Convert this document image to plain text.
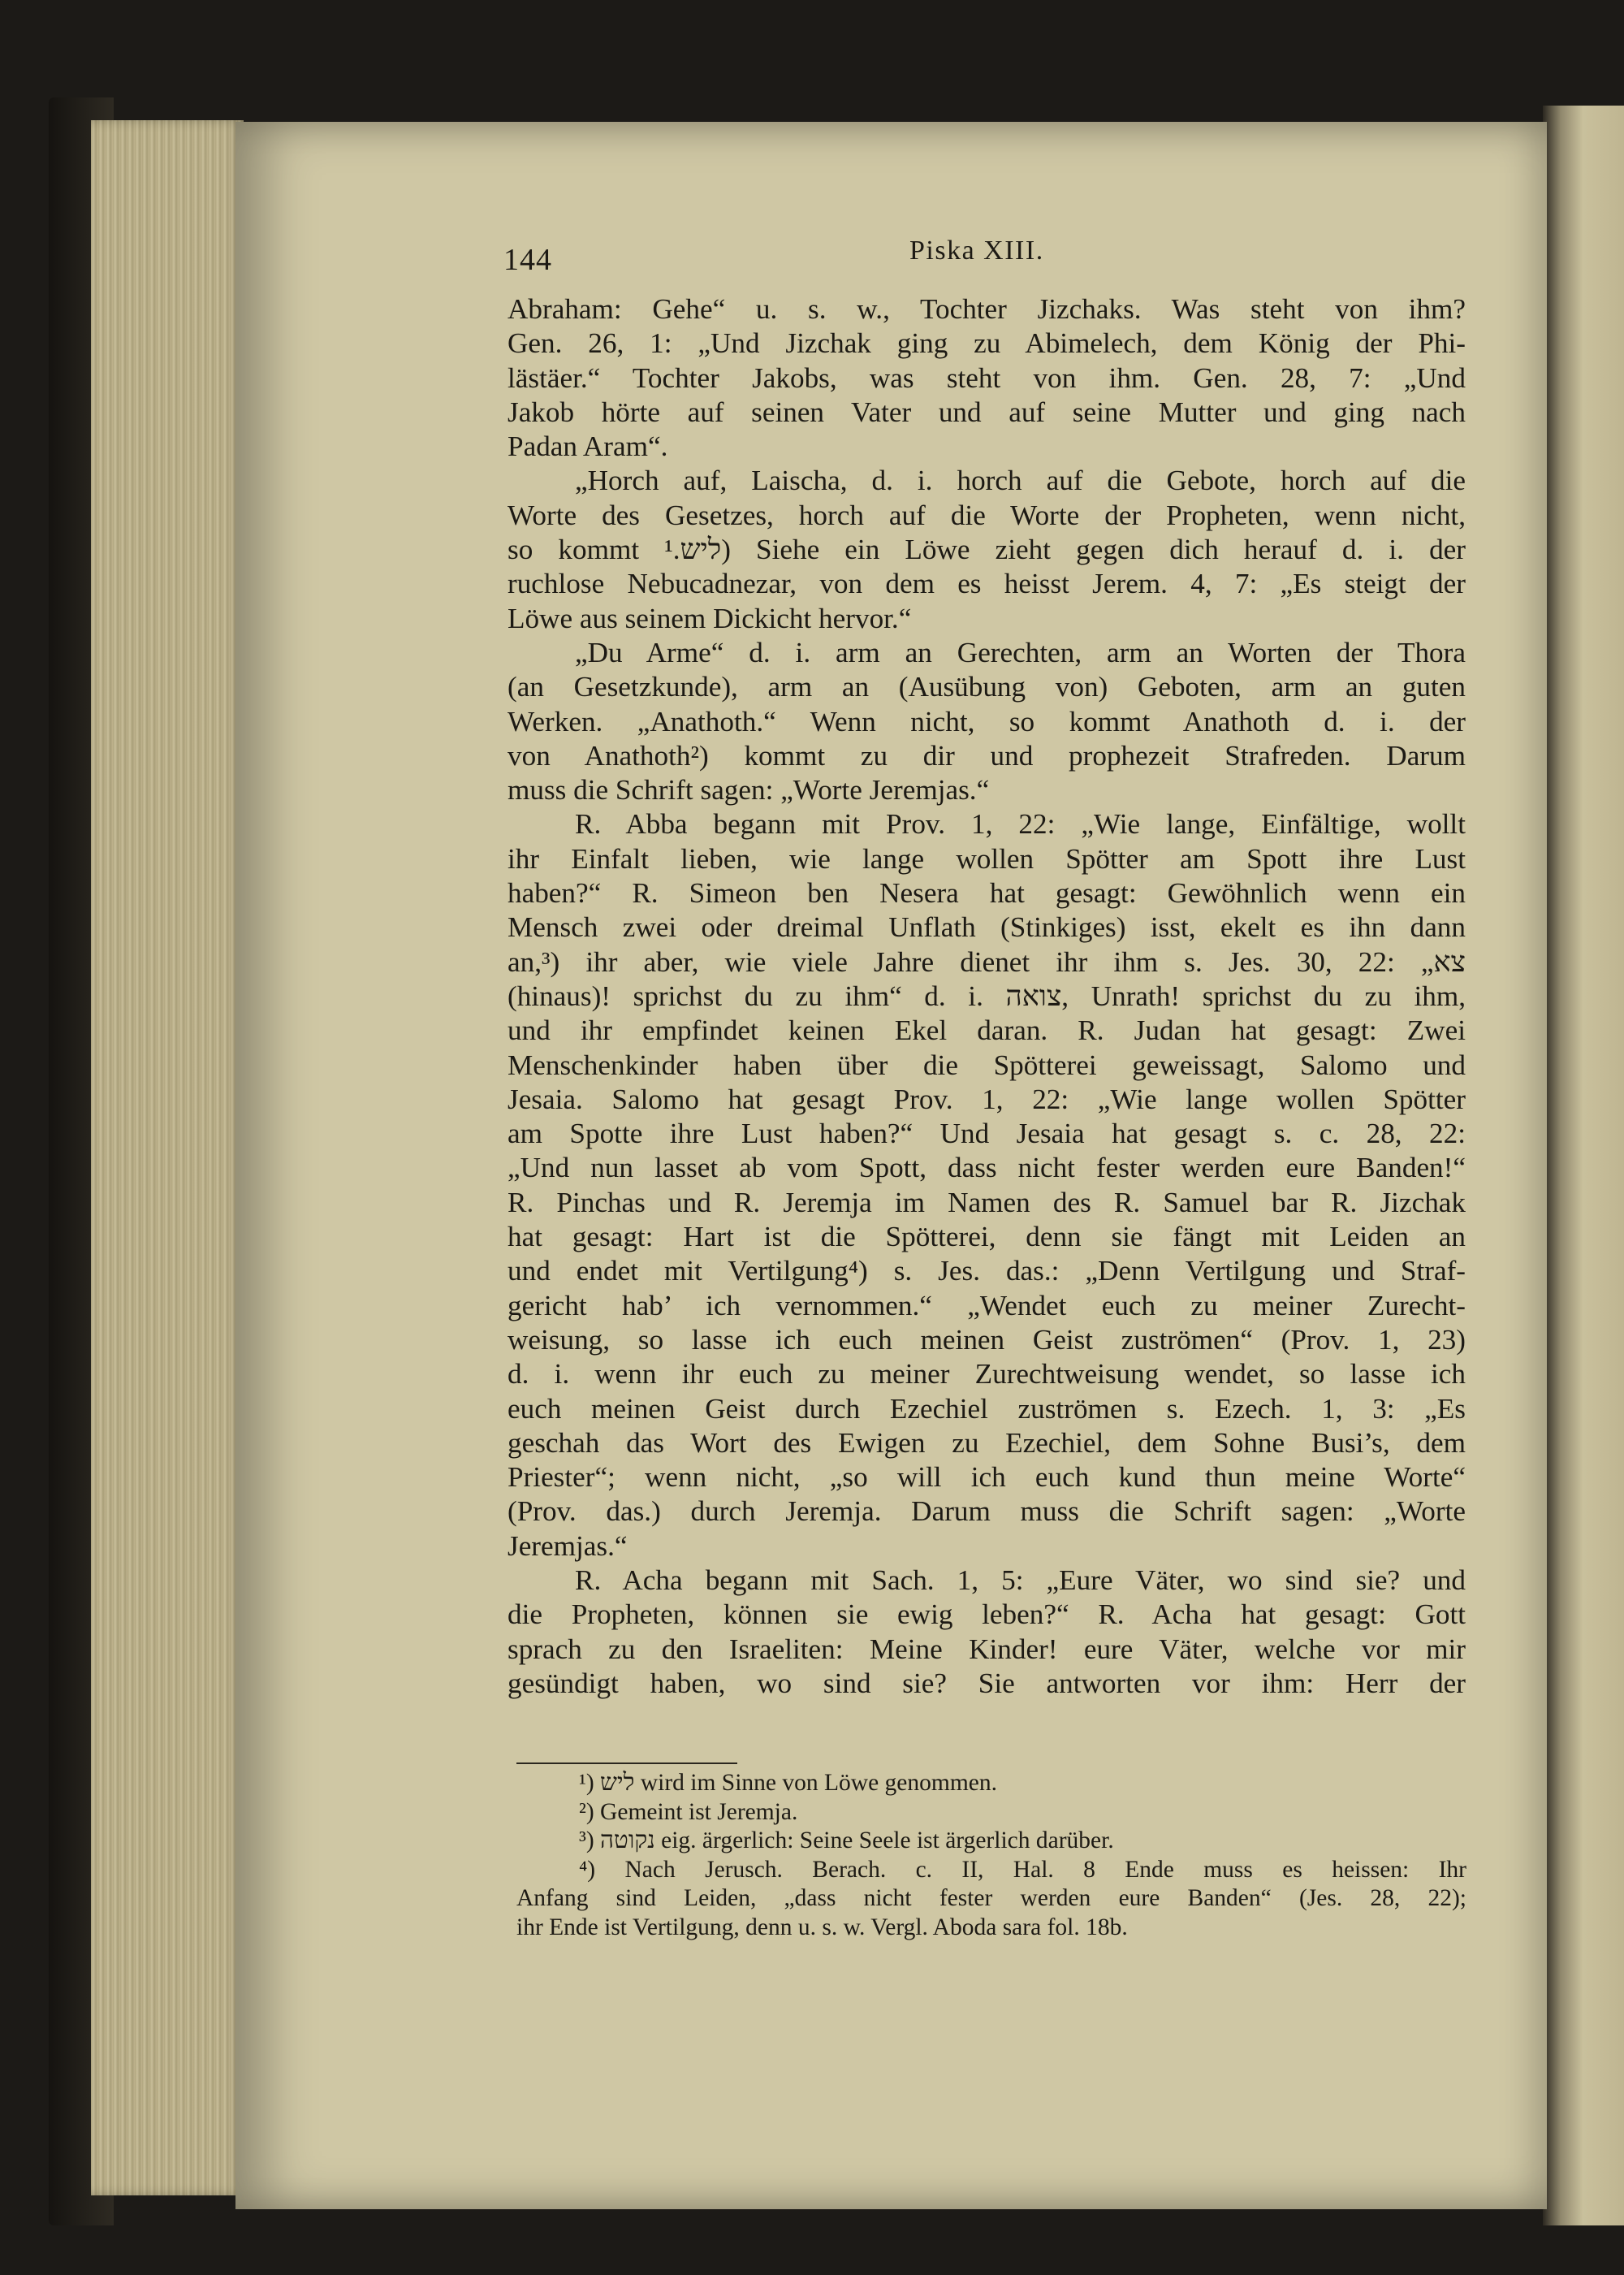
144	Piska XIII.
Abraham: Gehe“ u. s. w., Tochter Jizchaks. Was steht von ihm?
Gen. 26, 1: „Und Jizchak ging zu Abimelech, dem König der Phi-
lästäer.“ Tochter Jakobs, was steht von ihm. Gen. 28, 7: „Und
Jakob hörte auf seinen Vater und auf seine Mutter und ging nach
Padan Aram“.
„Horch auf, Laischa, d. i. horch auf die Gebote, horch auf die
Worte des Gesetzes, horch auf die Worte der Propheten, wenn nicht,
so kommt ליש.¹) Siehe ein Löwe zieht gegen dich herauf d. i. der
ruchlose Nebucadnezar, von dem es heisst Jerem. 4, 7: „Es steigt der
Löwe aus seinem Dickicht hervor.“
„Du Arme“ d. i. arm an Gerechten, arm an Worten der Thora
(an Gesetzkunde), arm an (Ausübung von) Geboten, arm an guten
Werken. „Anathoth.“ Wenn nicht, so kommt Anathoth d. i. der
von Anathoth²) kommt zu dir und prophezeit Strafreden. Darum
muss die Schrift sagen: „Worte Jeremjas.“
R. Abba begann mit Prov. 1, 22: „Wie lange, Einfältige, wollt
ihr Einfalt lieben, wie lange wollen Spötter am Spott ihre Lust
haben?“ R. Simeon ben Nesera hat gesagt: Gewöhnlich wenn ein
Mensch zwei oder dreimal Unflath (Stinkiges) isst, ekelt es ihn dann
an,³) ihr aber, wie viele Jahre dienet ihr ihm s. Jes. 30, 22: „צא
(hinaus)! sprichst du zu ihm“ d. i. צואה, Unrath! sprichst du zu ihm,
und ihr empfindet keinen Ekel daran. R. Judan hat gesagt: Zwei
Menschenkinder haben über die Spötterei geweissagt, Salomo und
Jesaia. Salomo hat gesagt Prov. 1, 22: „Wie lange wollen Spötter
am Spotte ihre Lust haben?“ Und Jesaia hat gesagt s. c. 28, 22:
„Und nun lasset ab vom Spott, dass nicht fester werden eure Banden!“
R. Pinchas und R. Jeremja im Namen des R. Samuel bar R. Jizchak
hat gesagt: Hart ist die Spötterei, denn sie fängt mit Leiden an
und endet mit Vertilgung⁴) s. Jes. das.: „Denn Vertilgung und Straf-
gericht hab’ ich vernommen.“ „Wendet euch zu meiner Zurecht-
weisung, so lasse ich euch meinen Geist zuströmen“ (Prov. 1, 23)
d. i. wenn ihr euch zu meiner Zurechtweisung wendet, so lasse ich
euch meinen Geist durch Ezechiel zuströmen s. Ezech. 1, 3: „Es
geschah das Wort des Ewigen zu Ezechiel, dem Sohne Busi’s, dem
Priester“; wenn nicht, „so will ich euch kund thun meine Worte“
(Prov. das.) durch Jeremja. Darum muss die Schrift sagen: „Worte
Jeremjas.“
R. Acha begann mit Sach. 1, 5: „Eure Väter, wo sind sie? und
die Propheten, können sie ewig leben?“ R. Acha hat gesagt: Gott
sprach zu den Israeliten: Meine Kinder! eure Väter, welche vor mir
gesündigt haben, wo sind sie? Sie antworten vor ihm: Herr der
¹) ליש wird im Sinne von Löwe genommen.
²) Gemeint ist Jeremja.
³) נקוטה eig. ärgerlich: Seine Seele ist ärgerlich darüber.
⁴) Nach Jerusch. Berach. c. II, Hal. 8 Ende muss es heissen: Ihr
Anfang sind Leiden, „dass nicht fester werden eure Banden“ (Jes. 28, 22);
ihr Ende ist Vertilgung, denn u. s. w. Vergl. Aboda sara fol. 18b.
